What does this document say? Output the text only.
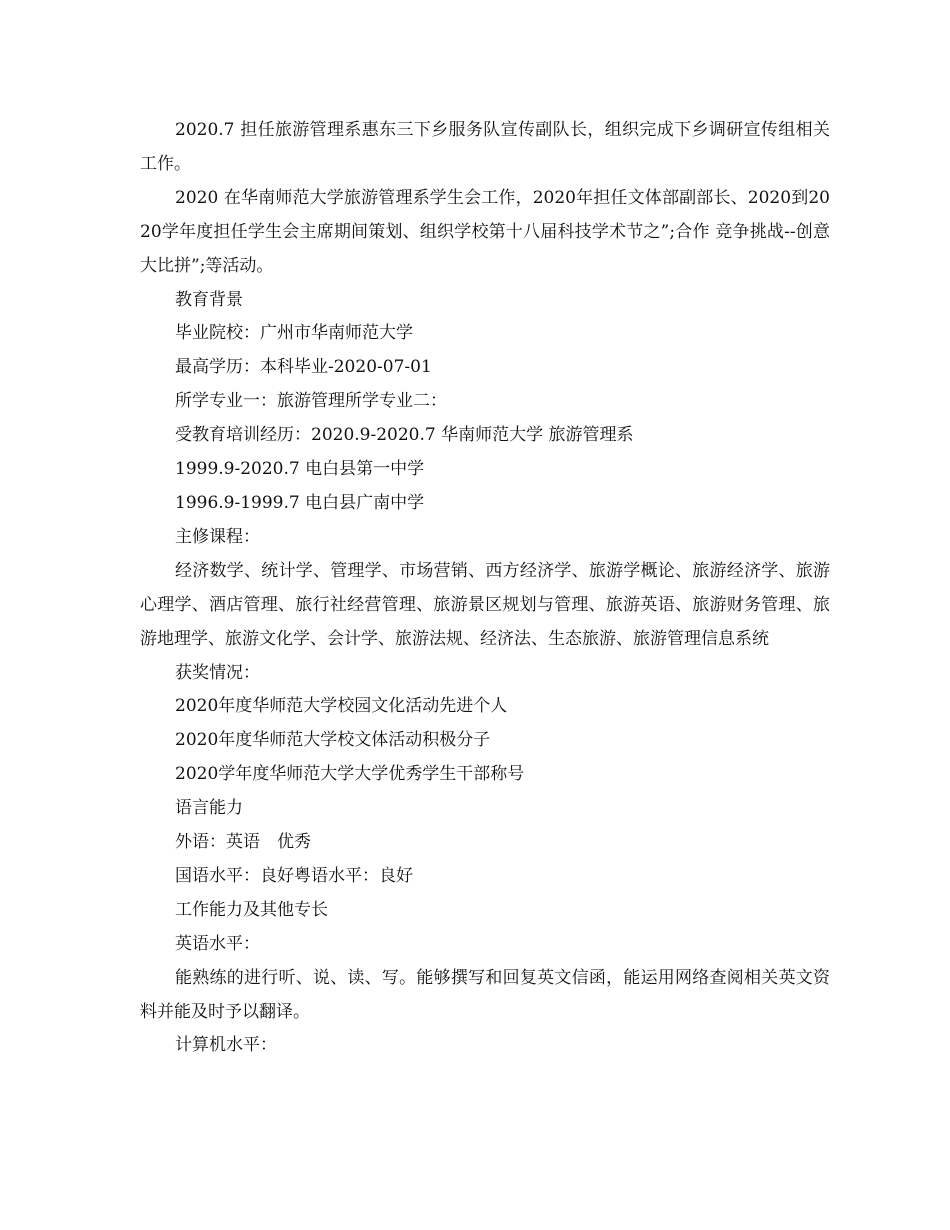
2020.7 担任旅游管理系惠东三下乡服务队宣传副队长，组织完成下乡调研宣传组相关工作。

2020 在华南师范大学旅游管理系学生会工作，2020年担任文体部副部长、2020到2020学年度担任学生会主席期间策划、组织学校第十八届科技学术节之”;合作 竞争挑战--创意大比拼”;等活动。

教育背景

毕业院校：广州市华南师范大学

最高学历：本科毕业-2020-07-01

所学专业一：旅游管理所学专业二：

受教育培训经历：2020.9-2020.7 华南师范大学 旅游管理系

1999.9-2020.7 电白县第一中学

1996.9-1999.7 电白县广南中学

主修课程：

经济数学、统计学、管理学、市场营销、西方经济学、旅游学概论、旅游经济学、旅游心理学、酒店管理、旅行社经营管理、旅游景区规划与管理、旅游英语、旅游财务管理、旅游地理学、旅游文化学、会计学、旅游法规、经济法、生态旅游、旅游管理信息系统

获奖情况：

2020年度华师范大学校园文化活动先进个人

2020年度华师范大学校文体活动积极分子

2020学年度华师范大学大学优秀学生干部称号

语言能力

外语：英语　优秀

国语水平：良好粤语水平：良好

工作能力及其他专长

英语水平：

能熟练的进行听、说、读、写。能够撰写和回复英文信函，能运用网络查阅相关英文资料并能及时予以翻译。

计算机水平：
